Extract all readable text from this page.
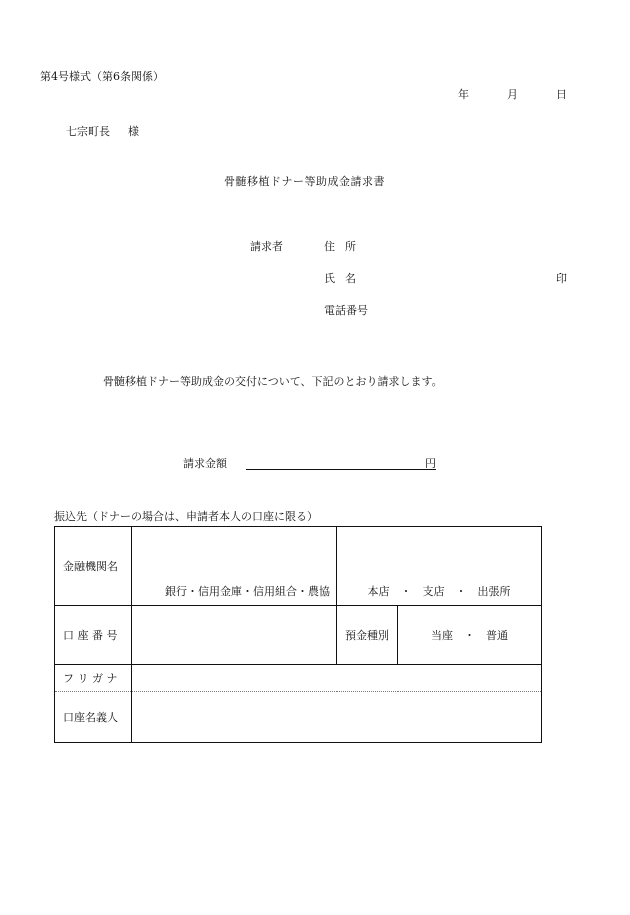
第4号様式（第6条関係）
年	月	日
七宗町長 様
骨髄移植ドナー等助成金請求書
請求者	住所
氏名	印
電話番号
骨髄移植ドナー等助成金の交付について、下記のとおり請求します。
請求金額	円
振込先（ドナーの場合は、申請者本人の口座に限る）
金融機関名	銀行・信用金庫・信用組合・農協	本店　・　支店　・　出張所	
口 座 番 号		預金種別	当座　・　普通
フ リ ガ ナ			
口座名義人			
